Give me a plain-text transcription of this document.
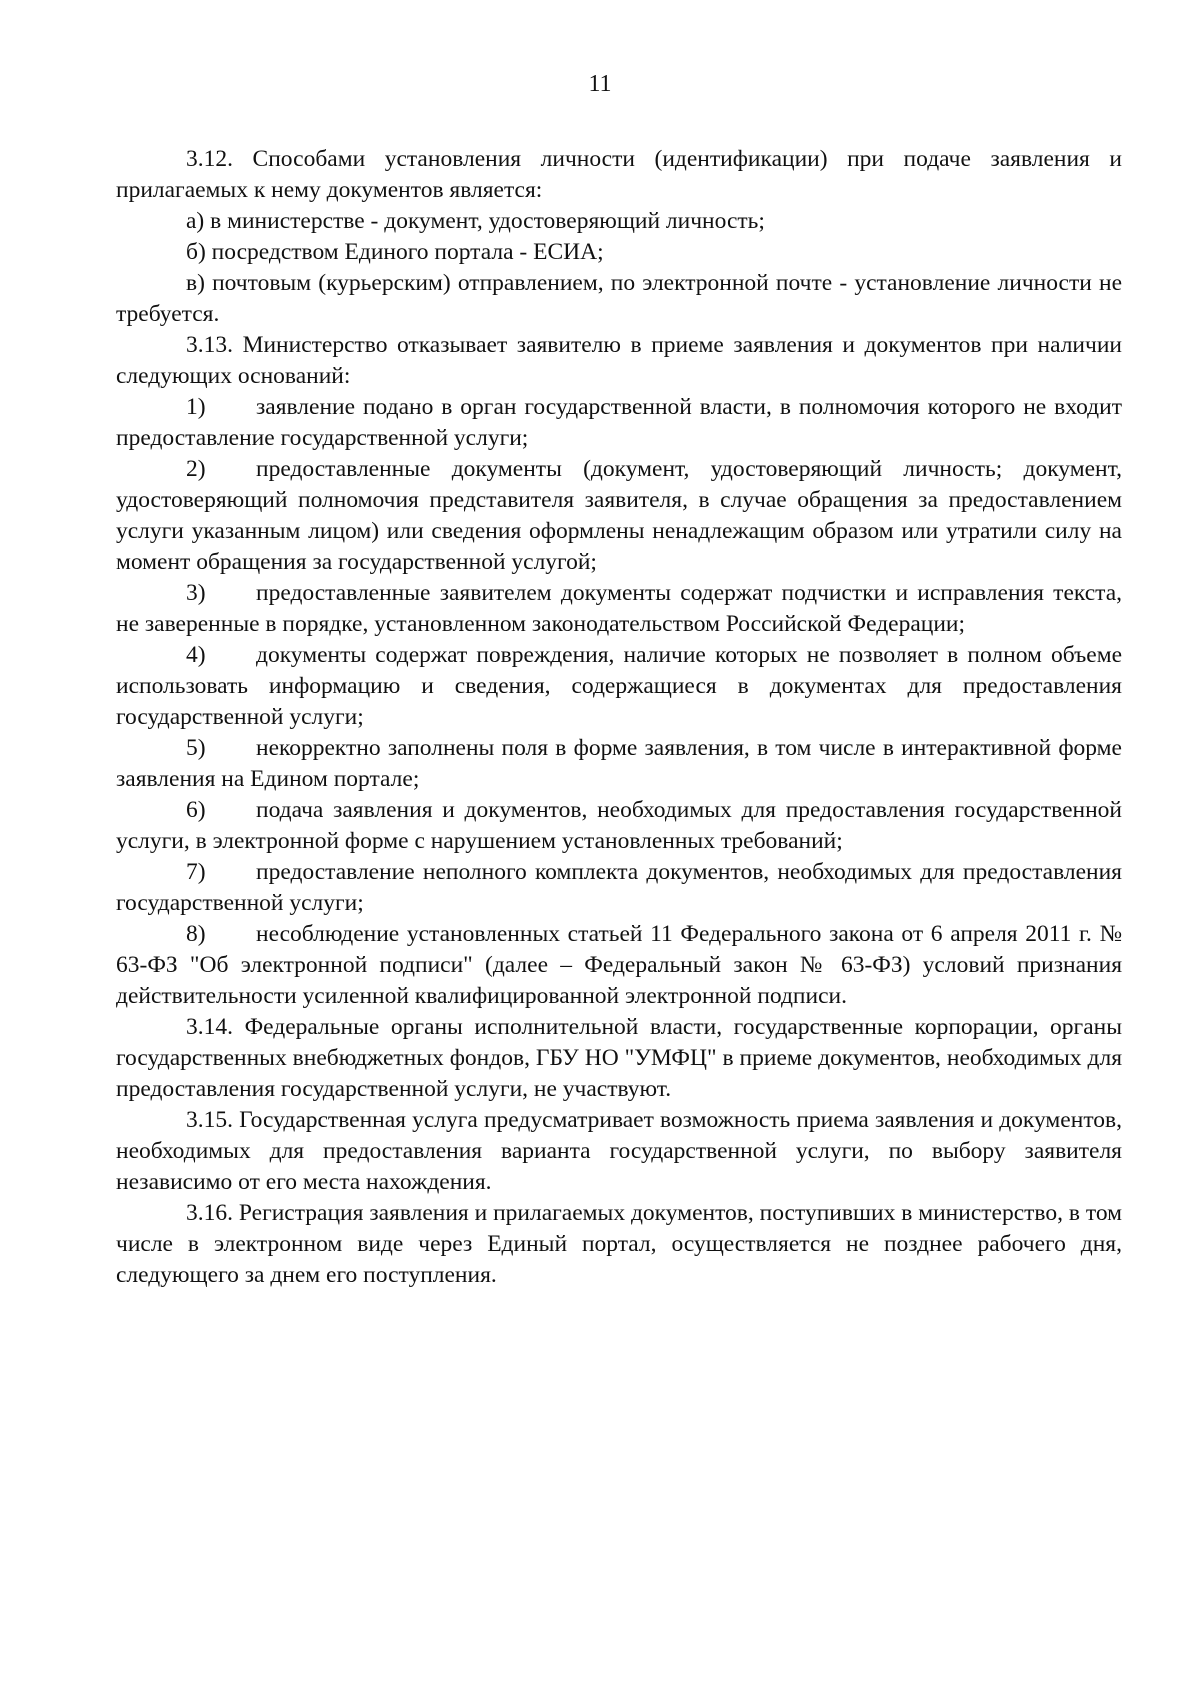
11

3.12. Способами установления личности (идентификации) при подаче заявления и прилагаемых к нему документов является:

а) в министерстве - документ, удостоверяющий личность;

б) посредством Единого портала - ЕСИА;

в) почтовым (курьерским) отправлением, по электронной почте - установление личности не требуется.

3.13. Министерство отказывает заявителю в приеме заявления и документов при наличии следующих оснований:

1) заявление подано в орган государственной власти, в полномочия которого не входит предоставление государственной услуги;

2) предоставленные документы (документ, удостоверяющий личность; документ, удостоверяющий полномочия представителя заявителя, в случае обращения за предоставлением услуги указанным лицом) или сведения оформлены ненадлежащим образом или утратили силу на момент обращения за государственной услугой;

3) предоставленные заявителем документы содержат подчистки и исправления текста, не заверенные в порядке, установленном законодательством Российской Федерации;

4) документы содержат повреждения, наличие которых не позволяет в полном объеме использовать информацию и сведения, содержащиеся в документах для предоставления государственной услуги;

5) некорректно заполнены поля в форме заявления, в том числе в интерактивной форме заявления на Едином портале;

6) подача заявления и документов, необходимых для предоставления государственной услуги, в электронной форме с нарушением установленных требований;

7) предоставление неполного комплекта документов, необходимых для предоставления государственной услуги;

8) несоблюдение установленных статьей 11 Федерального закона от 6 апреля 2011 г. № 63-ФЗ "Об электронной подписи" (далее – Федеральный закон № 63-ФЗ) условий признания действительности усиленной квалифицированной электронной подписи.

3.14. Федеральные органы исполнительной власти, государственные корпорации, органы государственных внебюджетных фондов, ГБУ НО "УМФЦ" в приеме документов, необходимых для предоставления государственной услуги, не участвуют.

3.15. Государственная услуга предусматривает возможность приема заявления и документов, необходимых для предоставления варианта государственной услуги, по выбору заявителя независимо от его места нахождения.

3.16. Регистрация заявления и прилагаемых документов, поступивших в министерство, в том числе в электронном виде через Единый портал, осуществляется не позднее рабочего дня, следующего за днем его поступления.
